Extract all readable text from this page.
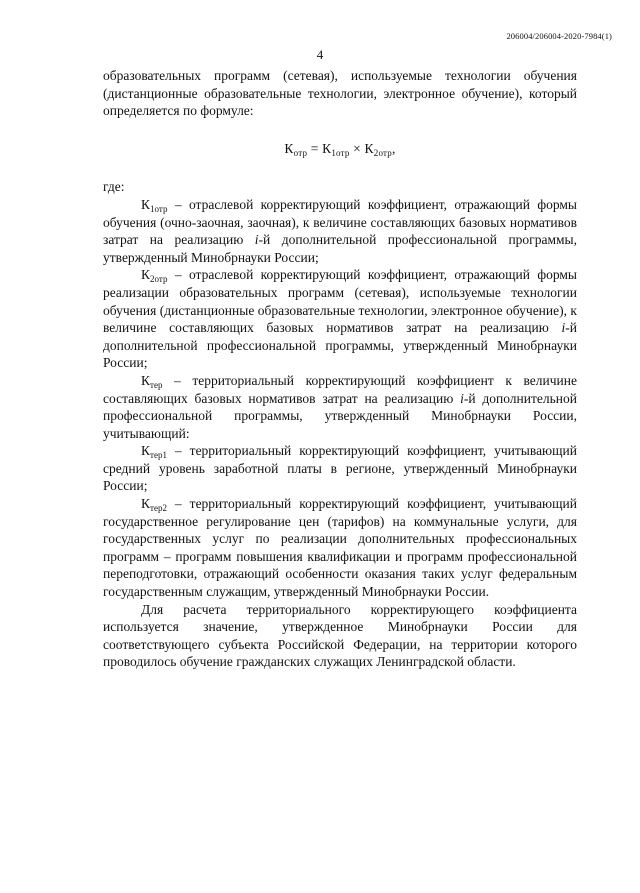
206004/206004-2020-7984(1)
4

образовательных программ (сетевая), используемые технологии обучения (дистанционные образовательные технологии, электронное обучение), который определяется по формуле:

$К_{отр} = К_{1отр} \times К_{2отр}$,

где:

$К_{1отр}$ – отраслевой корректирующий коэффициент, отражающий формы обучения (очно-заочная, заочная), к величине составляющих базовых нормативов затрат на реализацию i-й дополнительной профессиональной программы, утвержденный Минобрнауки России;

$К_{2отр}$ – отраслевой корректирующий коэффициент, отражающий формы реализации образовательных программ (сетевая), используемые технологии обучения (дистанционные образовательные технологии, электронное обучение), к величине составляющих базовых нормативов затрат на реализацию i-й дополнительной профессиональной программы, утвержденный Минобрнауки России;

$К_{тер}$ – территориальный корректирующий коэффициент к величине составляющих базовых нормативов затрат на реализацию i-й дополнительной профессиональной программы, утвержденный Минобрнауки России, учитывающий:

$К_{тер1}$ – территориальный корректирующий коэффициент, учитывающий средний уровень заработной платы в регионе, утвержденный Минобрнауки России;

$К_{тер2}$ – территориальный корректирующий коэффициент, учитывающий государственное регулирование цен (тарифов) на коммунальные услуги, для государственных услуг по реализации дополнительных профессиональных программ – программ повышения квалификации и программ профессиональной переподготовки, отражающий особенности оказания таких услуг федеральным государственным служащим, утвержденный Минобрнауки России.

Для расчета территориального корректирующего коэффициента используется значение, утвержденное Минобрнауки России для соответствующего субъекта Российской Федерации, на территории которого проводилось обучение гражданских служащих Ленинградской области.
